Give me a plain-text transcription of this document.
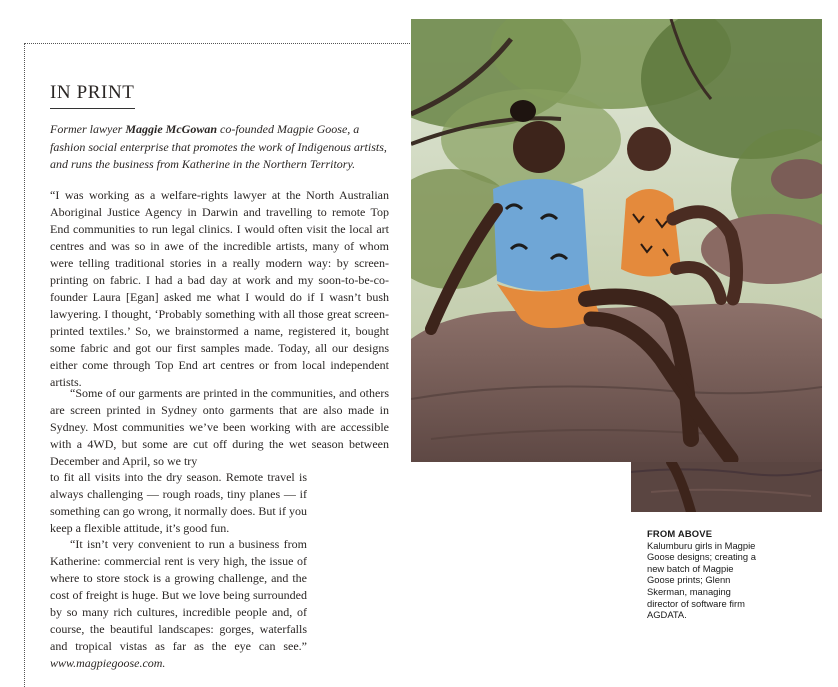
IN PRINT

Former lawyer Maggie McGowan co-founded Magpie Goose, a fashion social enterprise that promotes the work of Indigenous artists, and runs the business from Katherine in the Northern Territory.

“I was working as a welfare-rights lawyer at the North Australian Aboriginal Justice Agency in Darwin and travelling to remote Top End communities to run legal clinics. I would often visit the local art centres and was so in awe of the incredible artists, many of whom were telling traditional stories in a really modern way: by screen-printing on fabric. I had a bad day at work and my soon-to-be-co-founder Laura [Egan] asked me what I would do if I wasn’t bush lawyering. I thought, ‘Probably something with all those great screen-printed textiles.’ So, we brainstormed a name, registered it, bought some fabric and got our first samples made. Today, all our designs either come through Top End art centres or from local independent artists.

“Some of our garments are printed in the communities, and others are screen printed in Sydney onto garments that are also made in Sydney. Most communities we’ve been working with are accessible with a 4WD, but some are cut off during the wet season between December and April, so we try

to fit all visits into the dry season. Remote travel is always challenging — rough roads, tiny planes — if something can go wrong, it normally does. But if you keep a flexible attitude, it’s good fun.

“It isn’t very convenient to run a business from Katherine: commercial rent is very high, the issue of where to store stock is a growing challenge, and the cost of freight is huge. But we love being surrounded by so many rich cultures, incredible people and, of course, the beautiful landscapes: gorges, waterfalls and tropical vistas as far as the eye can see.” www.magpiegoose.com.

FROM ABOVE
Kalumburu girls in Magpie Goose designs; creating a new batch of Magpie Goose prints; Glenn Skerman, managing director of software firm AGDATA.
